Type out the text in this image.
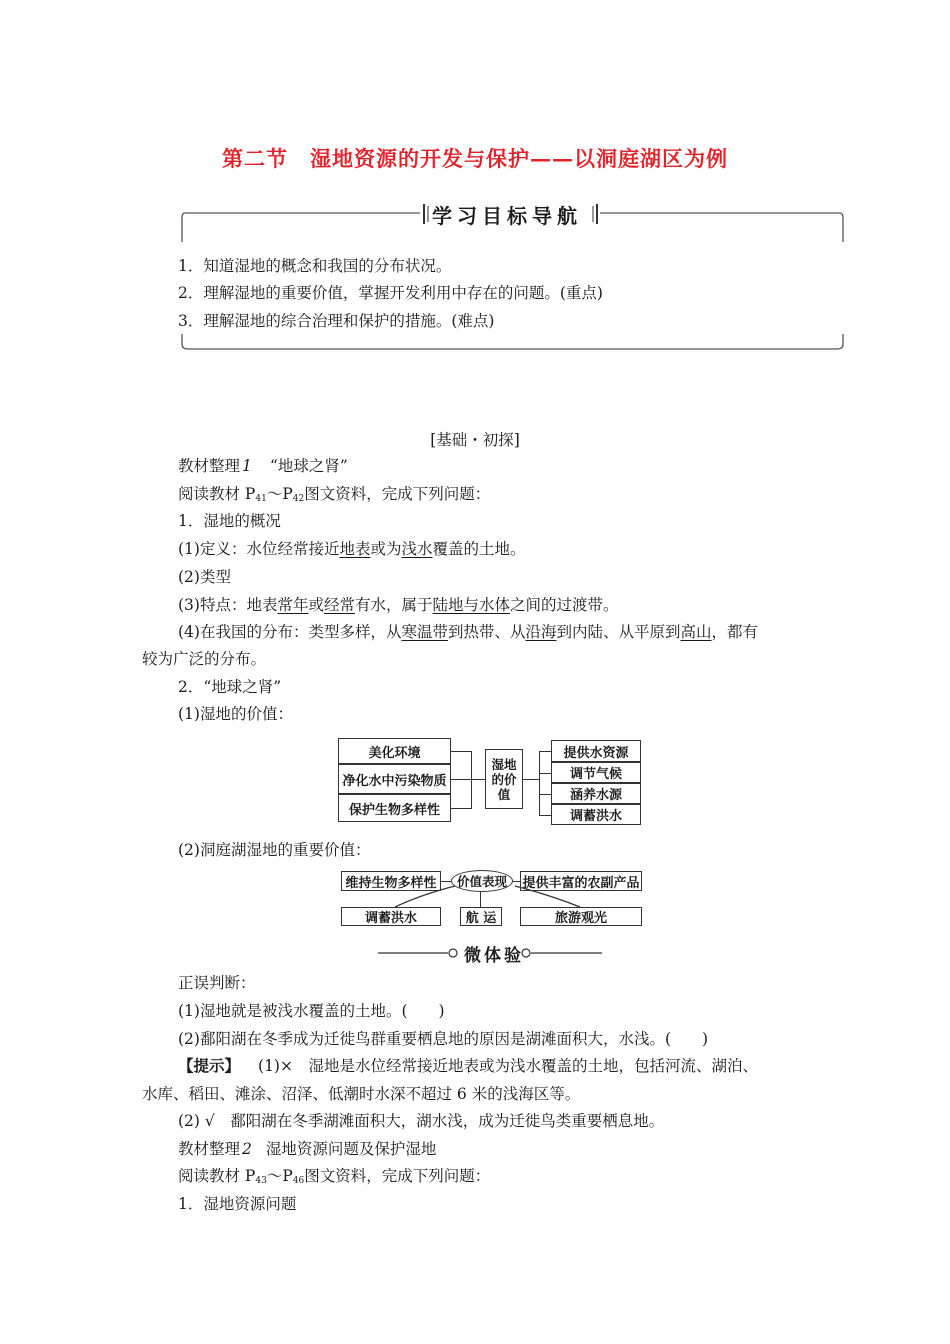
第二节　湿地资源的开发与保护——以洞庭湖区为例
学习目标导航
1．知道湿地的概念和我国的分布状况。
2．理解湿地的重要价值，掌握开发利用中存在的问题。(重点)
3．理解湿地的综合治理和保护的措施。(难点)
[基础・初探]
教材整理 1 “地球之肾”
阅读教材 $P_{41}\sim P_{42}$图文资料，完成下列问题：
1．湿地的概况
(1)定义：水位经常接近地表或为浅水覆盖的土地。
(2)类型
(3)特点：地表常年或经常有水，属于陆地与水体之间的过渡带。
(4)在我国的分布：类型多样，从寒温带到热带、从沿海到内陆、从平原到高山，都有
较为广泛的分布。
2．“地球之肾”
(1)湿地的价值：
美化环境
净化水中污染物质
保护生物多样性
湿地的价值
提供水资源
调节气候
涵养水源
调蓄洪水
(2)洞庭湖湿地的重要价值：
维持生物多样性	价值表现	提供丰富的农副产品
调蓄洪水	航 运	旅游观光
微体验
正误判断：
(1)湿地就是被浅水覆盖的土地。(　　)
(2)鄱阳湖在冬季成为迁徙鸟群重要栖息地的原因是湖滩面积大，水浅。(　　)
【提示】 (1)×　湿地是水位经常接近地表或为浅水覆盖的土地，包括河流、湖泊、
水库、稻田、滩涂、沼泽、低潮时水深不超过 6 米的浅海区等。
(2) √　鄱阳湖在冬季湖滩面积大，湖水浅，成为迁徙鸟类重要栖息地。
教材整理 2 湿地资源问题及保护湿地
阅读教材 $P_{43}\sim P_{46}$图文资料，完成下列问题：
1．湿地资源问题
